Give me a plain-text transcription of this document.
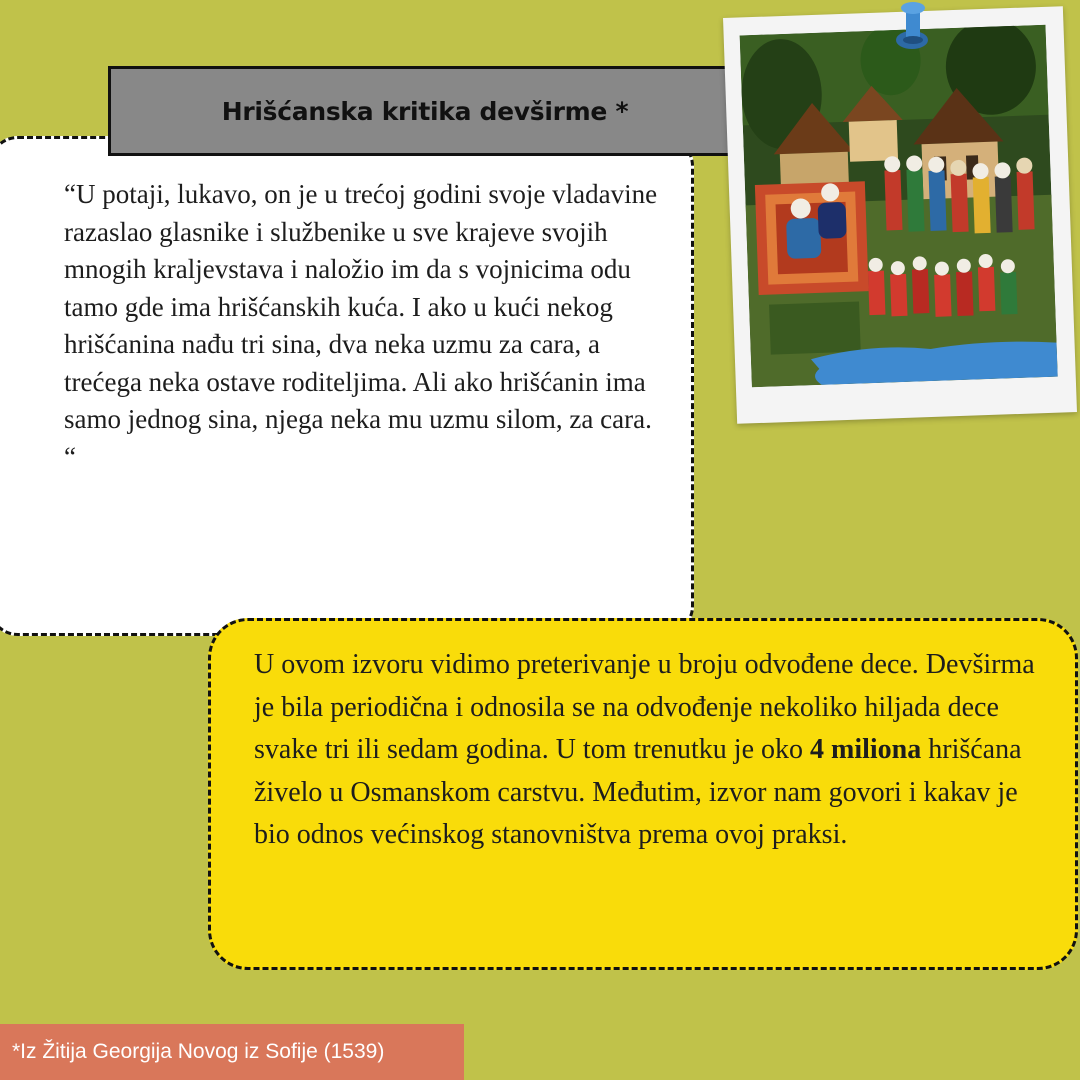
“U potaji, lukavo, on je u trećoj godini svoje vladavine razaslao glasnike i službenike u sve krajeve svojih mnogih kraljevstava i naložio im da s vojnicima odu tamo gde ima hrišćanskih kuća. I ako u kući nekog hrišćanina nađu tri sina, dva neka uzmu za cara, a trećega neka ostave roditeljima. Ali ako hrišćanin ima samo jednog sina, njega neka mu uzmu silom, za cara. “

Hrišćanska kritika devširme *

U ovom izvoru vidimo preterivanje u broju odvođene dece. Devširma je bila periodična i odnosila se na odvođenje nekoliko hiljada dece svake tri ili sedam godina. U tom trenutku je oko 4 miliona hrišćana živelo u Osmanskom carstvu. Međutim, izvor nam govori i kakav je bio odnos većinskog stanovništva prema ovoj praksi.

*Iz Žitija Georgija Novog iz Sofije (1539)
